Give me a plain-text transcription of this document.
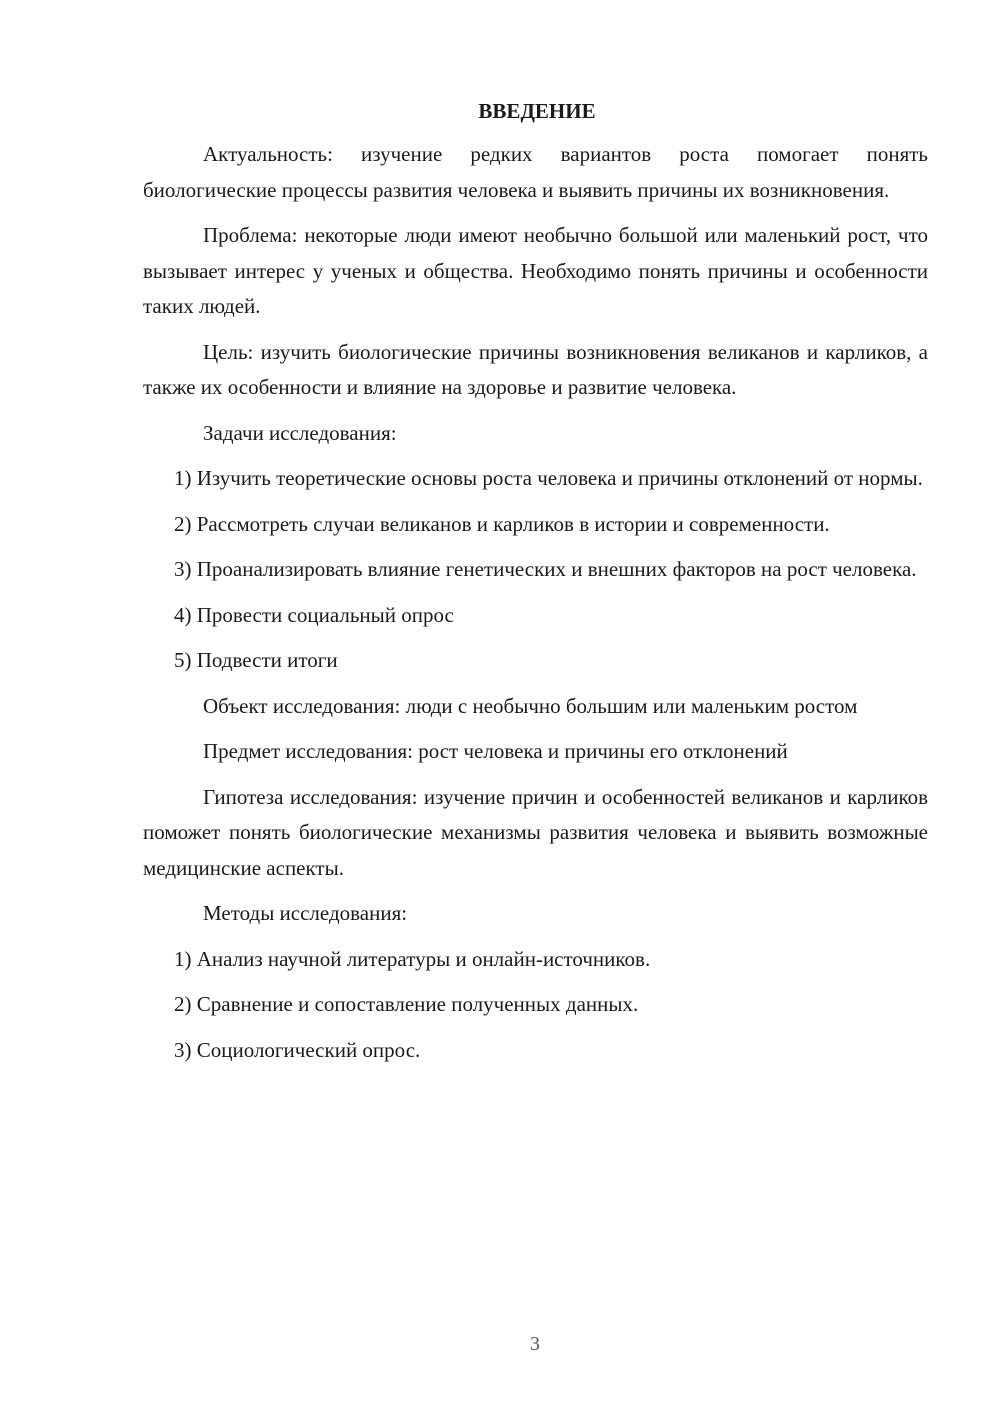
ВВЕДЕНИЕ

Актуальность: изучение редких вариантов роста помогает понять биологические процессы развития человека и выявить причины их возникновения.

Проблема: некоторые люди имеют необычно большой или маленький рост, что вызывает интерес у ученых и общества. Необходимо понять причины и особенности таких людей.

Цель: изучить биологические причины возникновения великанов и карликов, а также их особенности и влияние на здоровье и развитие человека.

Задачи исследования:

1) Изучить теоретические основы роста человека и причины отклонений от нормы.

2) Рассмотреть случаи великанов и карликов в истории и современности.

3) Проанализировать влияние генетических и внешних факторов на рост человека.

4) Провести социальный опрос

5) Подвести итоги

Объект исследования: люди с необычно большим или маленьким ростом

Предмет исследования: рост человека и причины его отклонений

Гипотеза исследования: изучение причин и особенностей великанов и карликов поможет понять биологические механизмы развития человека и выявить возможные медицинские аспекты.

Методы исследования:

1) Анализ научной литературы и онлайн-источников.

2) Сравнение и сопоставление полученных данных.

3) Социологический опрос.

3
